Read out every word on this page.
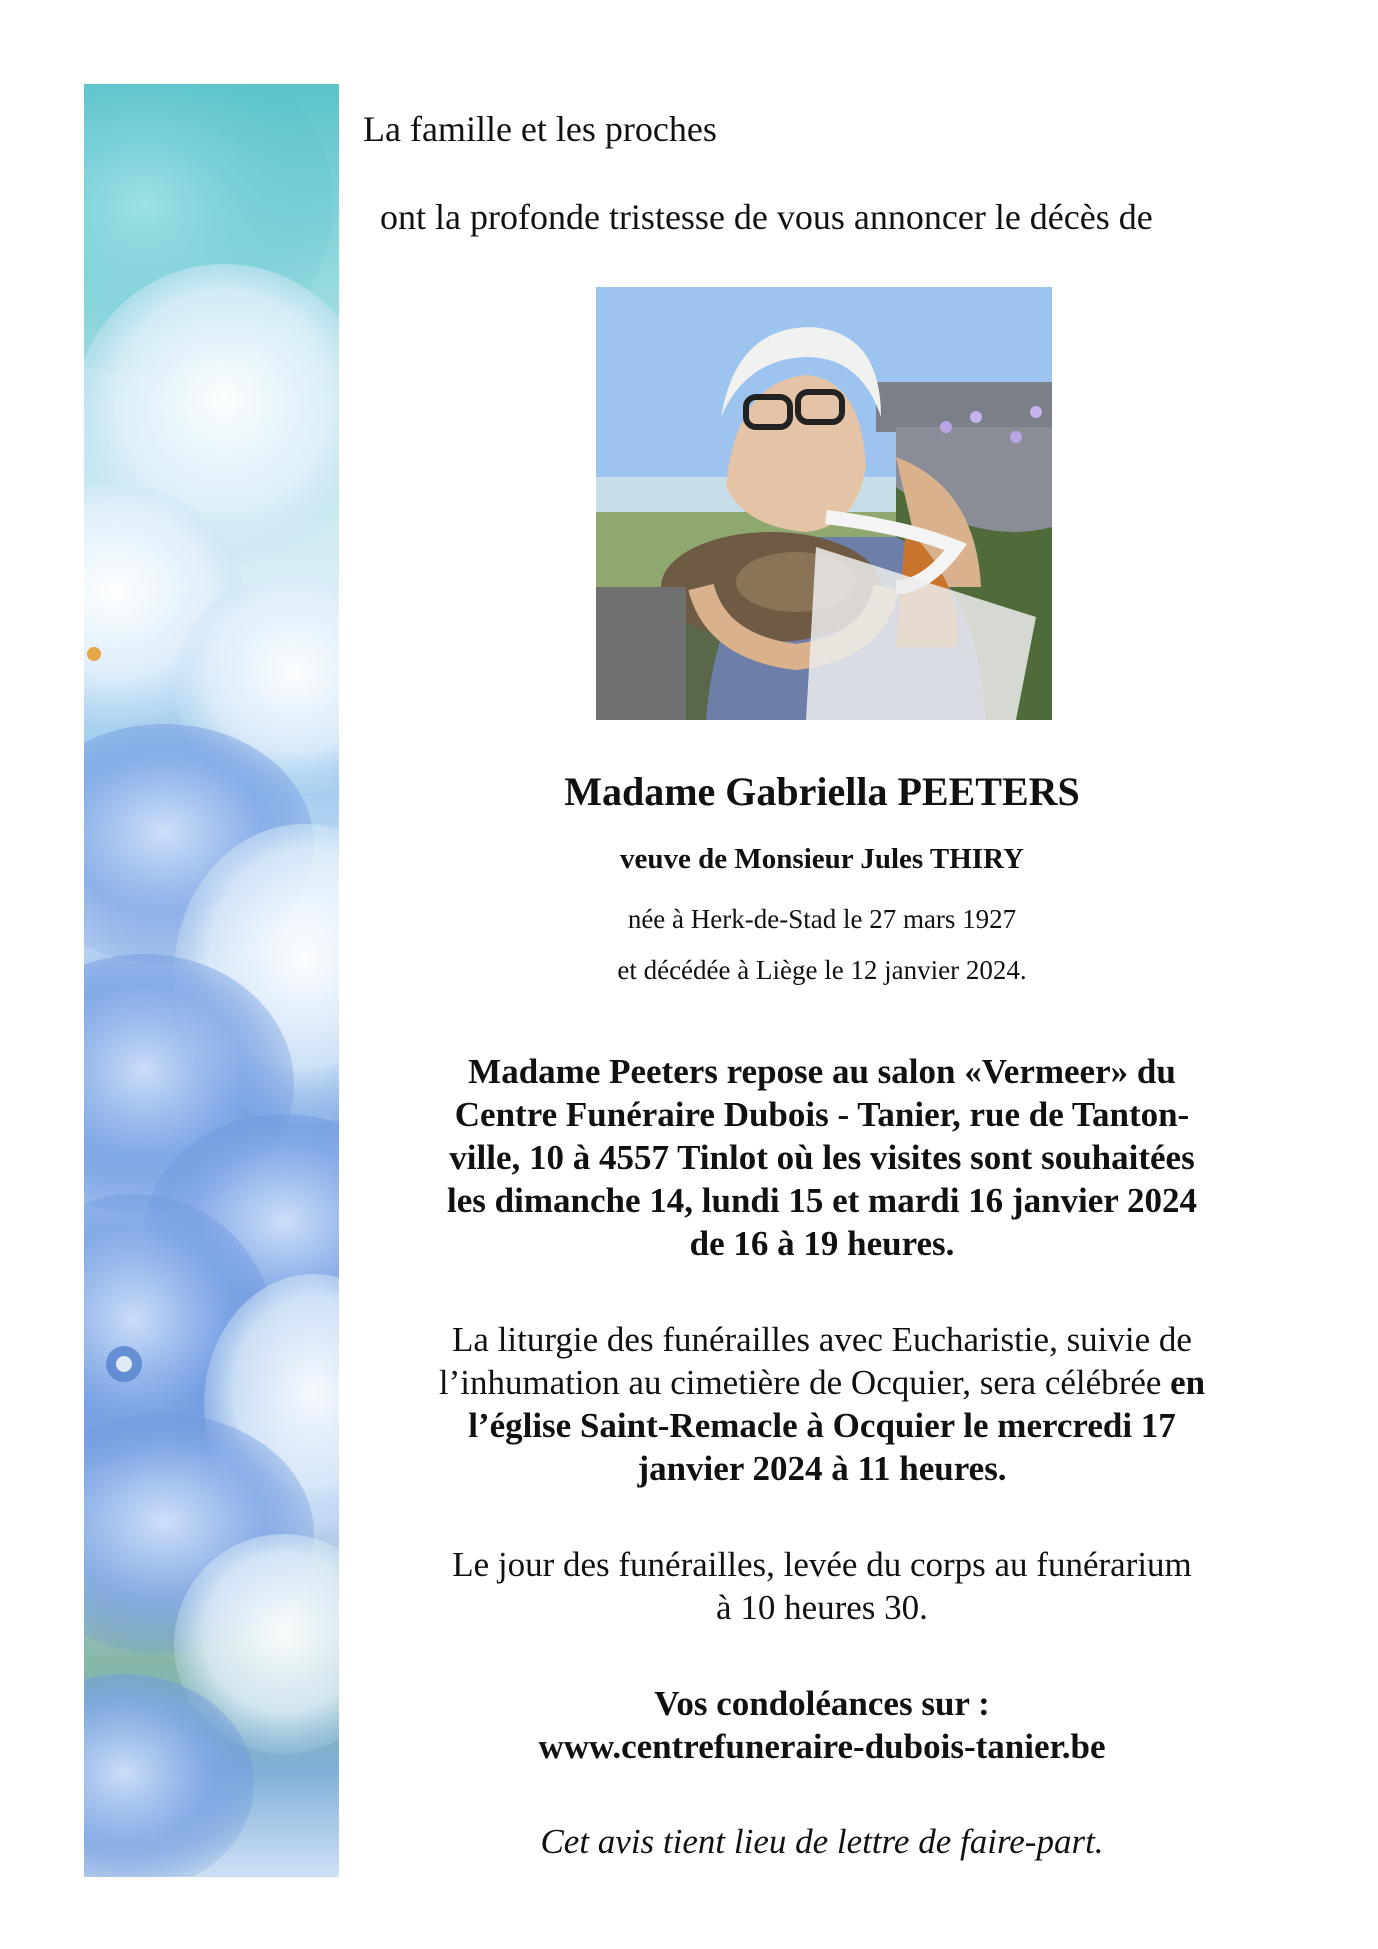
La famille et les proches

ont la profonde tristesse de vous annoncer le décès de

Madame Gabriella PEETERS

veuve de Monsieur Jules THIRY

née à Herk-de-Stad le 27 mars 1927

et décédée à Liège le 12 janvier 2024.

Madame Peeters repose au salon «Vermeer» du

Centre Funéraire Dubois - Tanier, rue de Tanton-

ville, 10 à 4557 Tinlot où les visites sont souhaitées

les dimanche 14, lundi 15 et mardi 16 janvier 2024

de 16 à 19 heures.

La liturgie des funérailles avec Eucharistie, suivie de

l’inhumation au cimetière de Ocquier, sera célébrée en

l’église Saint-Remacle à Ocquier le mercredi 17

janvier 2024 à 11 heures.

Le jour des funérailles, levée du corps au funérarium

à 10 heures 30.

Vos condoléances sur :

www.centrefuneraire-dubois-tanier.be

Cet avis tient lieu de lettre de faire-part.
